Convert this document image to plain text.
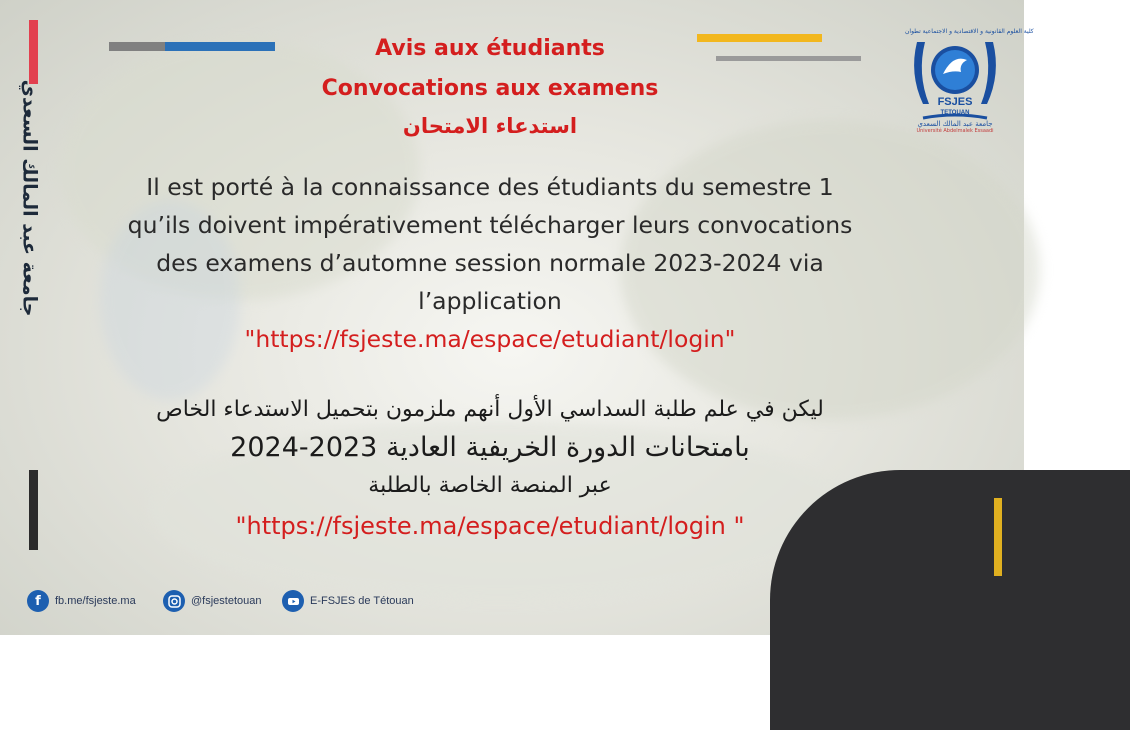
جامعة عبد المالك السعدي
كلية العلوم القانونية و الاقتصادية و الاجتماعية تطوان
FSJES
TETOUAN
جامعة عبد المالك السعدي
Université Abdelmalek Essaadi
Avis aux étudiants
Convocations aux examens
استدعاء الامتحان
Il est porté à la connaissance des étudiants du semestre 1
qu’ils doivent impérativement télécharger leurs convocations
des examens d’automne session normale 2023-2024 via
l’application
"https://fsjeste.ma/espace/etudiant/login"
ليكن في علم طلبة السداسي الأول أنهم ملزمون بتحميل الاستدعاء الخاص
بامتحانات الدورة الخريفية العادية 2023-2024
عبر المنصة الخاصة بالطلبة
"https://fsjeste.ma/espace/etudiant/login "
f	fb.me/fsjeste.ma	@fsjestetouan	E-FSJES de Tétouan
